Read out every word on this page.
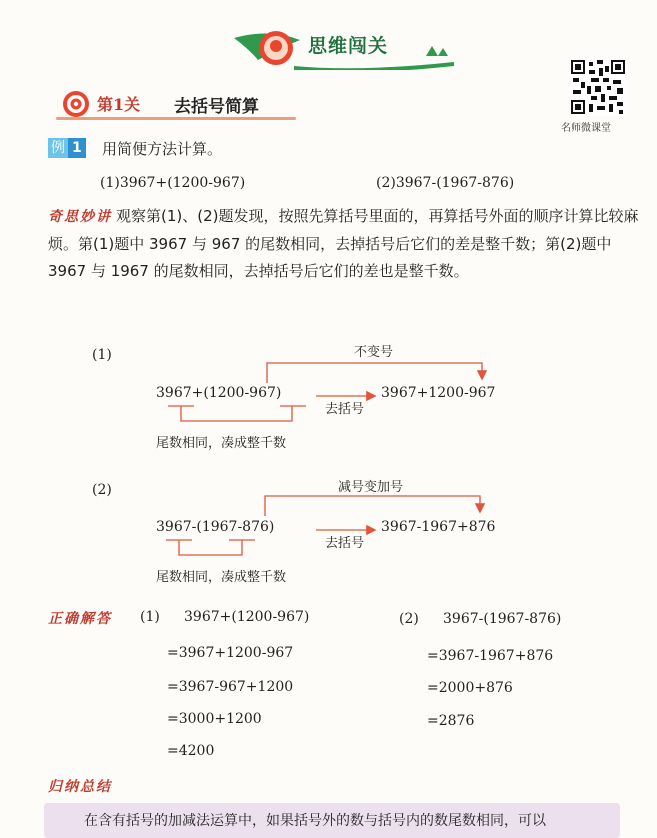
思维闯关
名师微课堂
第1关 去括号简算
例 1 用简便方法计算。
(1)3967+(1200-967)	(2)3967-(1967-876)
奇思妙讲 观察第(1)、(2)题发现，按照先算括号里面的，再算括号外面的顺序计算比较麻烦。第(1)题中 3967 与 967 的尾数相同，去掉括号后它们的差是整千数；第(2)题中 3967 与 1967 的尾数相同，去掉括号后它们的差也是整千数。
(1)	不变号
3967+(1200-967)	3967+1200-967
去括号
尾数相同，凑成整千数
(2)	减号变加号
3967-(1967-876)	3967-1967+876
去括号
尾数相同，凑成整千数
正确解答 (1) 3967+(1200-967)
=3967+1200-967
=3967-967+1200
=3000+1200
=4200
(2) 3967-(1967-876)
=3967-1967+876
=2000+876
=2876
归纳总结
在含有括号的加减法运算中，如果括号外的数与括号内的数尾数相同，可以
